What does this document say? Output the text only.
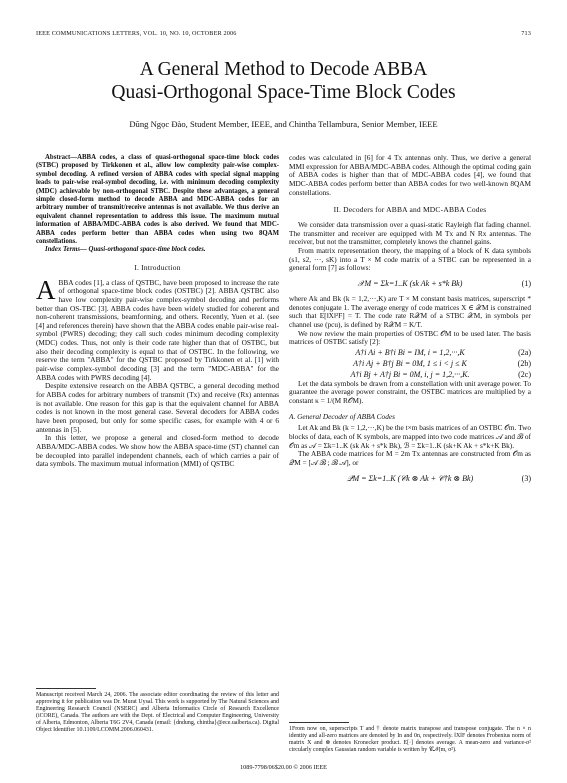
IEEE COMMUNICATIONS LETTERS, VOL. 10, NO. 10, OCTOBER 2006	713
A General Method to Decode ABBA
Quasi-Orthogonal Space-Time Block Codes
Dũng Ngọc Đào, Student Member, IEEE, and Chintha Tellambura, Senior Member, IEEE

Abstract—ABBA codes, a class of quasi-orthogonal space-time block codes (STBC) proposed by Tirkkonen et al., allow low complexity pair-wise complex-symbol decoding. A refined version of ABBA codes with special signal mapping leads to pair-wise real-symbol decoding, i.e. with minimum decoding complexity (MDC) achievable by non-orthogonal STBC. Despite these advantages, a general simple closed-form method to decode ABBA and MDC-ABBA codes for an arbitrary number of transmit/receive antennas is not available. We thus derive an equivalent channel representation to address this issue. The maximum mutual information of ABBA/MDC-ABBA codes is also derived. We found that MDC-ABBA codes perform better than ABBA codes when using two 8QAM constellations.

Index Terms— Quasi-orthogonal space-time block codes.

I. Introduction

ABBA codes [1], a class of QSTBC, have been proposed to increase the rate of orthogonal space-time block codes (OSTBC) [2]. ABBA QSTBC also have low complexity pair-wise complex-symbol decoding and performs better than OS-TBC [3]. ABBA codes have been widely studied for coherent and non-coherent transmissions, beamforming, and others. Recently, Yuen et al. (see [4] and references therein) have shown that the ABBA codes enable pair-wise real-symbol (PWRS) decoding; they call such codes minimum decoding complexity (MDC) codes. Thus, not only is their code rate higher than that of OSTBC, but also their decoding complexity is equal to that of OSTBC. In the following, we reserve the term "ABBA" for the QSTBC proposed by Tirkkonen et al. [1] with pair-wise complex-symbol decoding [3] and the term "MDC-ABBA" for the ABBA codes with PWRS decoding [4].

Despite extensive research on the ABBA QSTBC, a general decoding method for ABBA codes for arbitrary numbers of transmit (Tx) and receive (Rx) antennas is not available. One reason for this gap is that the equivalent channel for ABBA codes is not known in the most general case. Several decoders for ABBA codes have been proposed, but only for some specific cases, for example with 4 or 6 antennas in [5].

In this letter, we propose a general and closed-form method to decode ABBA/MDC-ABBA codes. We show how the ABBA space-time (ST) channel can be decoupled into parallel independent channels, each of which carries a pair of data symbols. The maximum mutual information (MMI) of QSTBC

Manuscript received March 24, 2006. The associate editor coordinating the review of this letter and approving it for publication was Dr. Murat Uysal. This work is supported by The Natural Sciences and Engineering Research Council (NSERC) and Alberta Informatics Circle of Research Excellence (iCORE), Canada. The authors are with the Dept. of Electrical and Computer Engineering, University of Alberta, Edmonton, Alberta T6G 2V4, Canada (email: {dndung, chintha}@ece.ualberta.ca). Digital Object Identifier 10.1109/LCOMM.2006.060431.

codes was calculated in [6] for 4 Tx antennas only. Thus, we derive a general MMI expression for ABBA/MDC-ABBA codes. Although the optimal coding gain of ABBA codes is higher than that of MDC-ABBA codes [4], we found that MDC-ABBA codes perform better than ABBA codes for two well-known 8QAM constellations.

II. Decoders for ABBA and MDC-ABBA Codes

We consider data transmission over a quasi-static Rayleigh flat fading channel. The transmitter and receiver are equipped with M Tx and N Rx antennas. The receiver, but not the transmitter, completely knows the channel gains.

From matrix representation theory, the mapping of a block of K data symbols (s1, s2, ···, sK) into a T × M code matrix of a STBC can be represented in a general form [7] as follows:

𝒳M = Σk=1..K (sk Ak + s*k Bk)	(1)

where Ak and Bk (k = 1,2,···,K) are T × M constant basis matrices, superscript * denotes conjugate 1. The average energy of code matrices X ∈ 𝒳M is constrained such that E[‖X‖²F] = T. The code rate R𝒳M of a STBC 𝒳M, in symbols per channel use (pcu), is defined by R𝒳M = K/T.

We now review the main properties of OSTBC 𝒪M to be used later. The basis matrices of OSTBC satisfy [2]:

A†i Ai + B†i Bi = IM, i = 1,2,···,K	(2a)
A†i Aj + B†j Bi = 0M, 1 ≤ i < j ≤ K	(2b)
A†i Bj + A†j Bi = 0M, i, j = 1,2,···,K.	(2c)

Let the data symbols be drawn from a constellation with unit average power. To guarantee the average power constraint, the OSTBC matrices are multiplied by a constant κ = 1/(M R𝒪M).

A. General Decoder of ABBA Codes

Let Ak and Bk (k = 1,2,···,K) be the t×m basis matrices of an OSTBC 𝒪m. Two blocks of data, each of K symbols, are mapped into two code matrices 𝒜 and ℬ of 𝒪m as 𝒜 = Σk=1..K (sk Ak + s*k Bk), ℬ = Σk=1..K (sk+K Ak + s*k+K Bk).

The ABBA code matrices for M = 2m Tx antennas are constructed from 𝒪m as 𝒬M = [𝒜 ℬ ; ℬ 𝒜], or

𝒬M = Σk=1..K (𝒞k ⊗ Ak + 𝒞†k ⊗ Bk)	(3)
1From now on, superscripts T and † denote matrix transpose and transpose conjugate. The n × n identity and all-zero matrices are denoted by In and 0n, respectively. ‖X‖F denotes Frobenius norm of matrix X and ⊗ denotes Kronecker product. E[·] denotes average. A mean-zero and variance-σ² circularly complex Gaussian random variable is written by 𝒞𝒩(m, σ²).
1089-7798/06$20.00 © 2006 IEEE
